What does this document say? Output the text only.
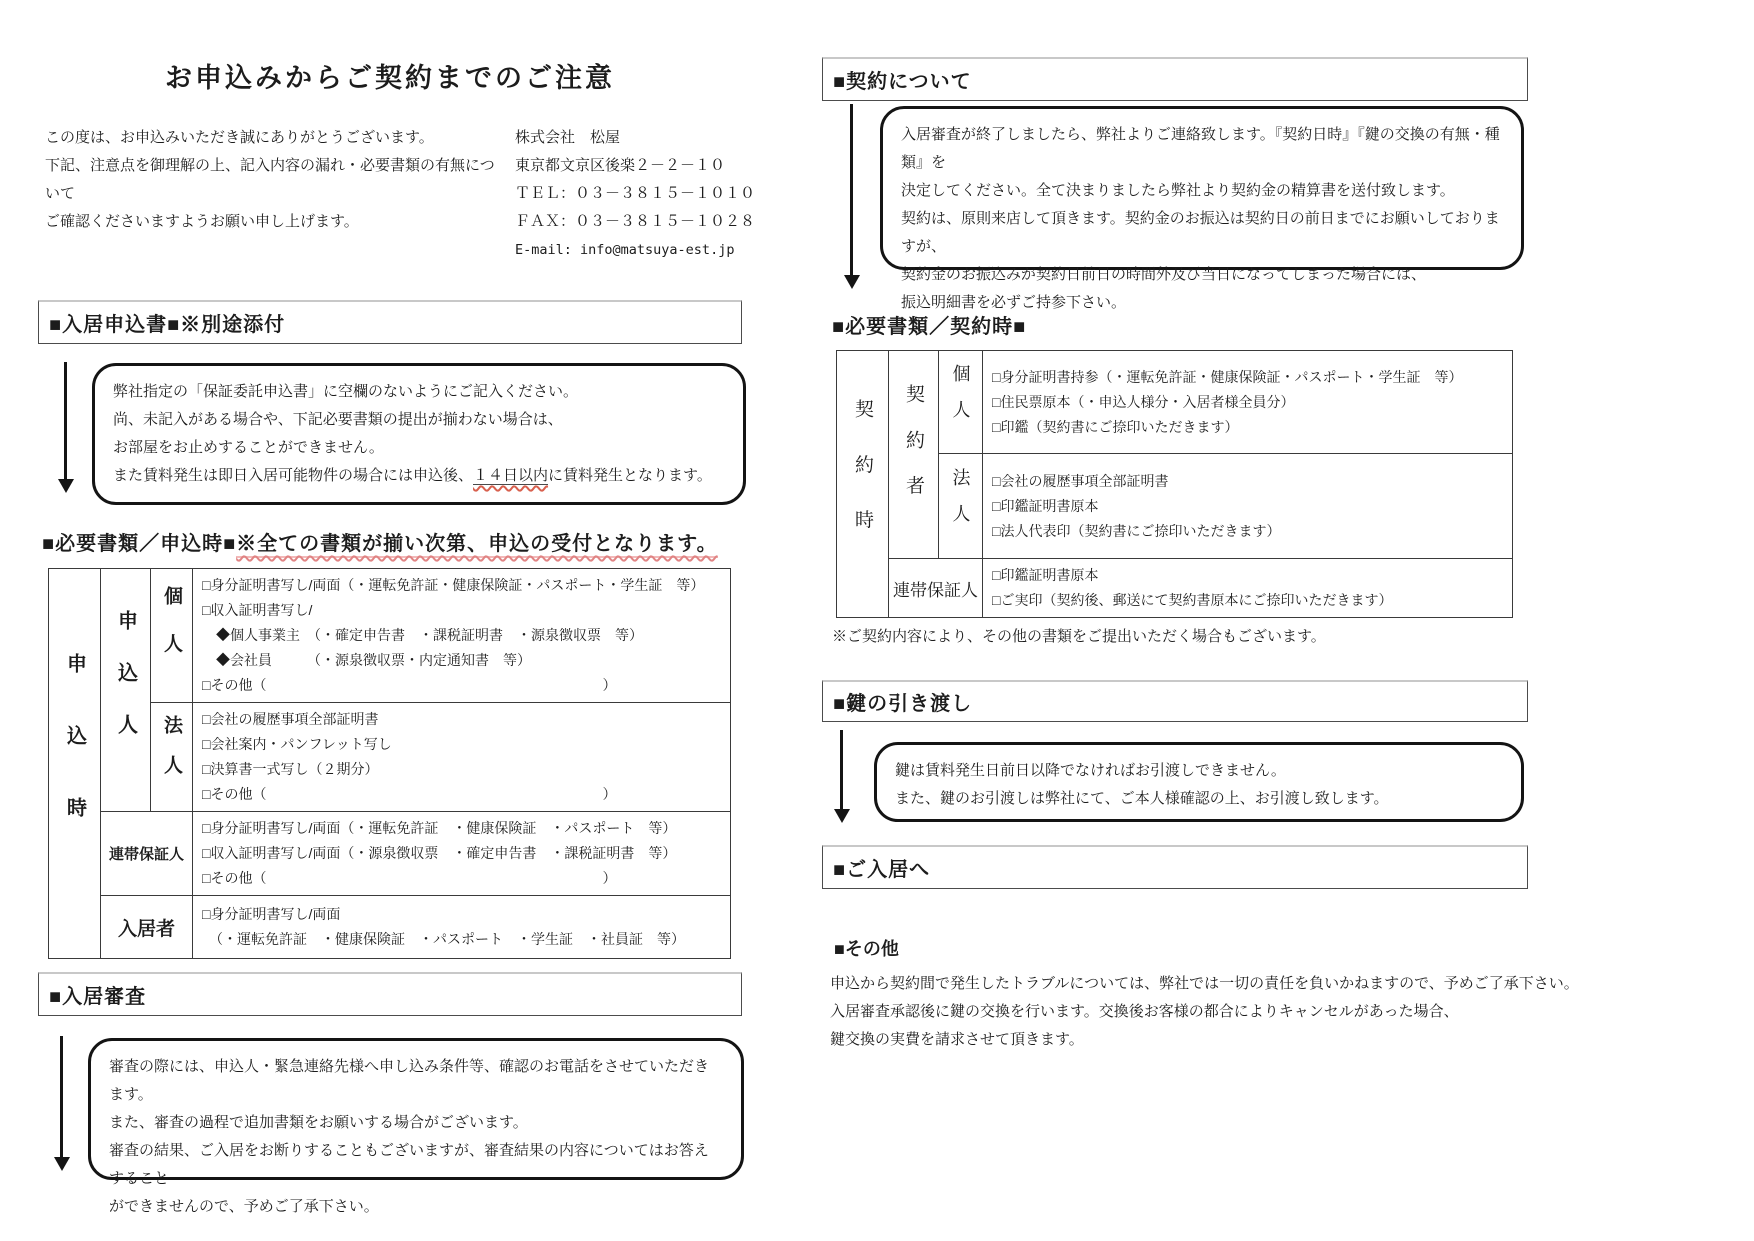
お申込みからご契約までのご注意
この度は、お申込みいただき誠にありがとうございます。
下記、注意点を御理解の上、記入内容の漏れ・必要書類の有無について
ご確認くださいますようお願い申し上げます。
株式会社　松屋
東京都文京区後楽２－２－１０
ＴＥＬ：０３－３８１５－１０１０
ＦＡＸ：０３－３８１５－１０２８
E-mail: info@matsuya-est.jp
■入居申込書■※別途添付
弊社指定の「保証委託申込書」に空欄のないようにご記入ください。
尚、未記入がある場合や、下記必要書類の提出が揃わない場合は、
お部屋をお止めすることができません。
また賃料発生は即日入居可能物件の場合には申込後、１４日以内に賃料発生となります。
■必要書類／申込時■※全ての書類が揃い次第、申込の受付となります。
申込時	申込人	個人	□身分証明書写し/両面（・運転免許証・健康保険証・パスポート・学生証　等）
□収入証明書写し/
　◆個人事業主　（・確定申告書　・課税証明書　・源泉徴収票　等）
　◆会社員　　　（・源泉徴収票・内定通知書　等）
□その他（　　　　　　　　　　　　　　　　　　　　　　　　）

		法人	□会社の履歴事項全部証明書
□会社案内・パンフレット写し
□決算書一式写し（２期分）
□その他（　　　　　　　　　　　　　　　　　　　　　　　　）

	連帯保証人		□身分証明書写し/両面（・運転免許証　・健康保険証　・パスポート　等）
□収入証明書写し/両面（・源泉徴収票　・確定申告書　・課税証明書　等）
□その他（　　　　　　　　　　　　　　　　　　　　　　　　）

	入居者		□身分証明書写し/両面
　（・運転免許証　・健康保険証　・パスポート　・学生証　・社員証　等）
■入居審査
審査の際には、申込人・緊急連絡先様へ申し込み条件等、確認のお電話をさせていただきます。
また、審査の過程で追加書類をお願いする場合がございます。
審査の結果、ご入居をお断りすることもございますが、審査結果の内容についてはお答えすること
ができませんので、予めご了承下さい。
■契約について
入居審査が終了しましたら、弊社よりご連絡致します。『契約日時』『鍵の交換の有無・種類』を
決定してください。全て決まりましたら弊社より契約金の精算書を送付致します。
契約は、原則来店して頂きます。契約金のお振込は契約日の前日までにお願いしておりますが、
契約金のお振込みが契約日前日の時間外及び当日になってしまった場合には、
振込明細書を必ずご持参下さい。
■必要書類／契約時■
契約時	契約者	個人	□身分証明書持参（・運転免許証・健康保険証・パスポート・学生証　等）
□住民票原本（・申込人様分・入居者様全員分）
□印鑑（契約書にご捺印いただきます）

		法人	□会社の履歴事項全部証明書
□印鑑証明書原本
□法人代表印（契約書にご捺印いただきます）

	連帯保証人		□印鑑証明書原本
□ご実印（契約後、郵送にて契約書原本にご捺印いただきます）
※ご契約内容により、その他の書類をご提出いただく場合もございます。
■鍵の引き渡し
鍵は賃料発生日前日以降でなければお引渡しできません。
また、鍵のお引渡しは弊社にて、ご本人様確認の上、お引渡し致します。
■ご入居へ
■その他
申込から契約間で発生したトラブルについては、弊社では一切の責任を負いかねますので、予めご了承下さい。
入居審査承認後に鍵の交換を行います。交換後お客様の都合によりキャンセルがあった場合、
鍵交換の実費を請求させて頂きます。
